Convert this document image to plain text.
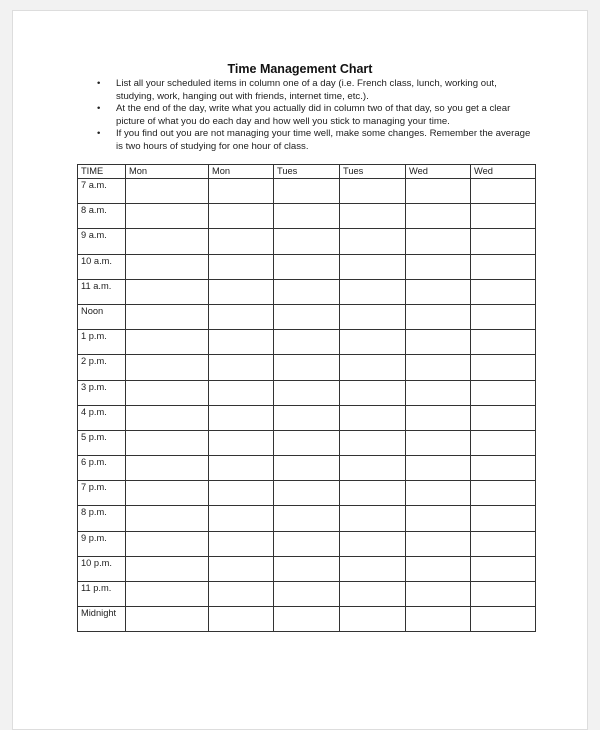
Time Management Chart
• List all your scheduled items in column one of a day (i.e. French class, lunch, working out, studying, work, hanging out with friends, internet time, etc.).
• At the end of the day, write what you actually did in column two of that day, so you get a clear picture of what you do each day and how well you stick to managing your time.
• If you find out you are not managing your time well, make some changes. Remember the average is two hours of studying for one hour of class.
TIME	Mon	Mon	Tues	Tues	Wed	Wed
7 a.m.						
8 a.m.						
9 a.m.						
10 a.m.						
11 a.m.						
Noon						
1 p.m.						
2 p.m.						
3 p.m.						
4 p.m.						
5 p.m.						
6 p.m.						
7 p.m.						
8 p.m.						
9 p.m.						
10 p.m.						
11 p.m.						
Midnight						
